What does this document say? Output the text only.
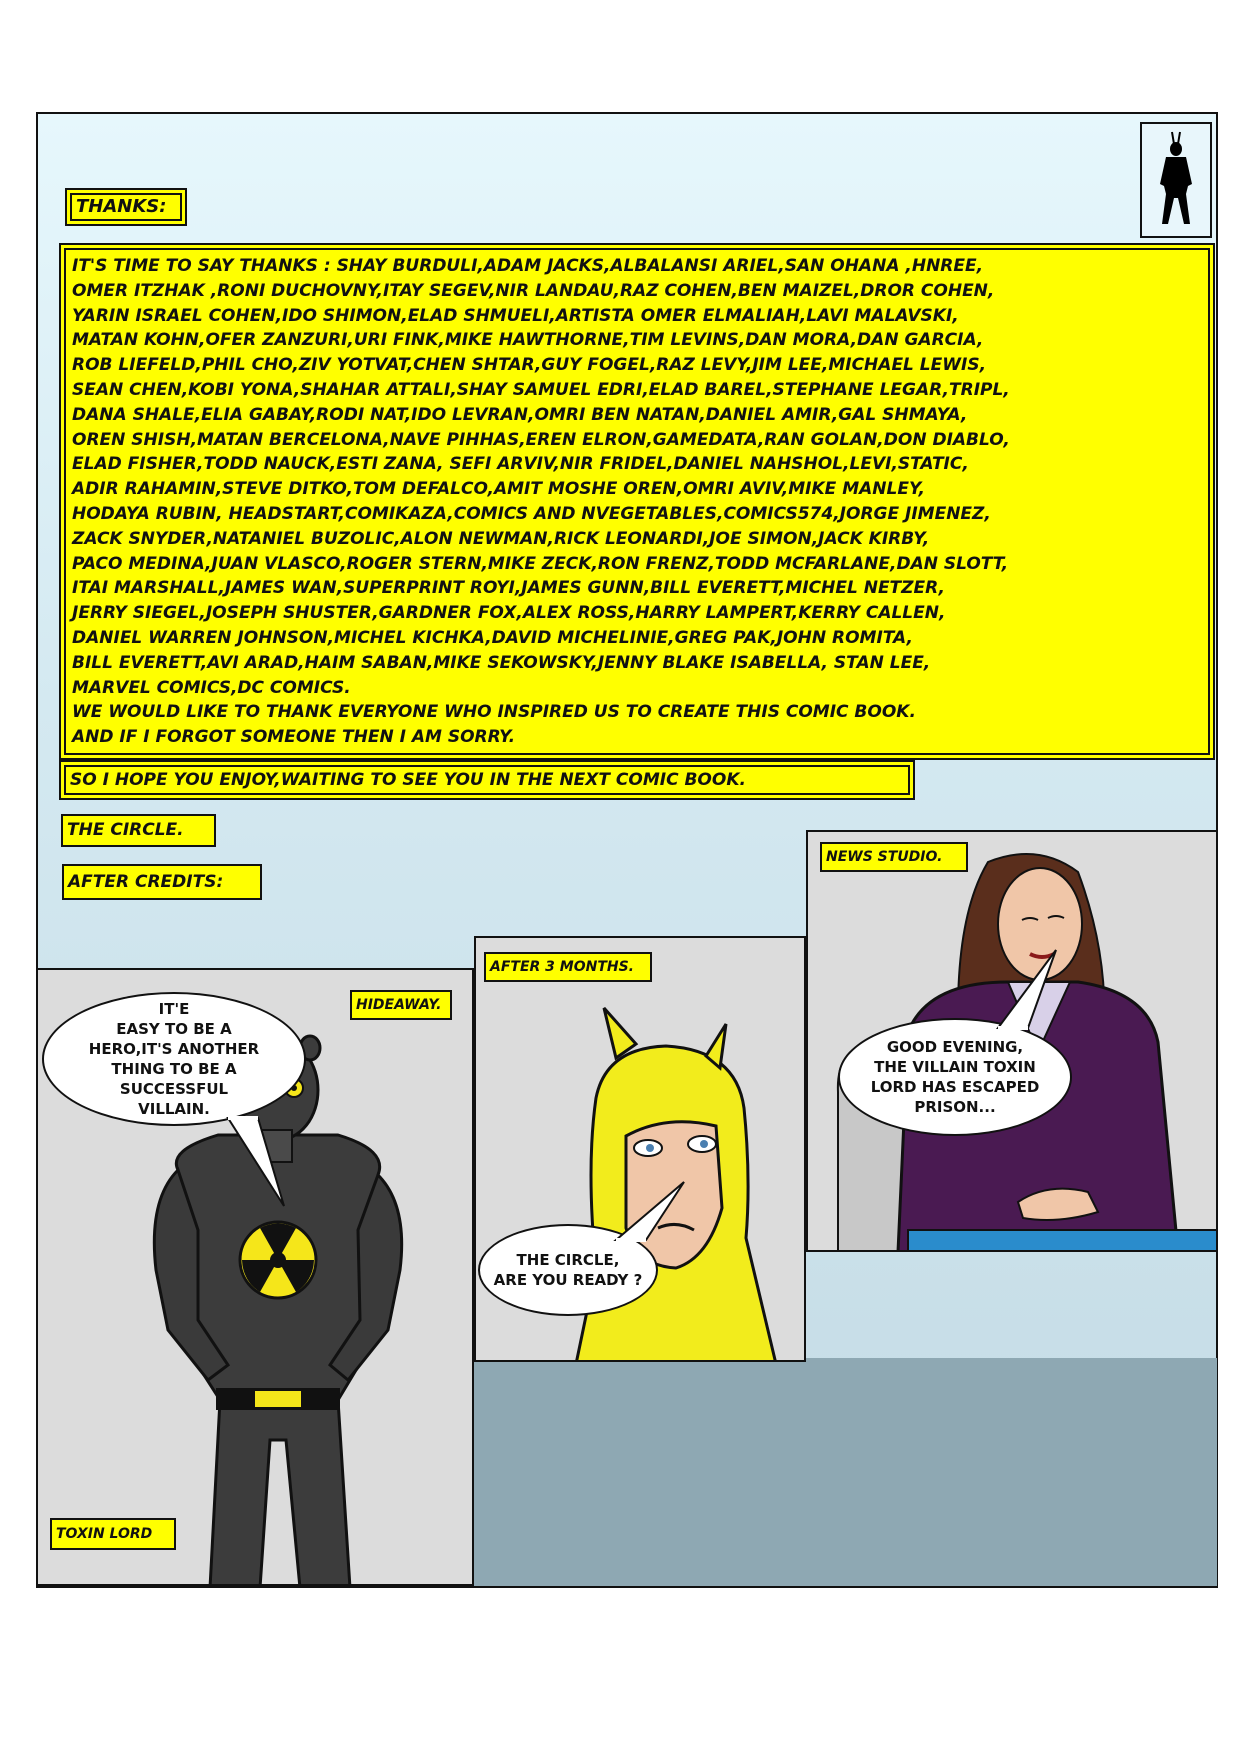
THANKS:
IT'S TIME TO SAY THANKS : SHAY BURDULI,ADAM JACKS,ALBALANSI ARIEL,SAN OHANA ,HNREE,
OMER ITZHAK ,RONI DUCHOVNY,ITAY SEGEV,NIR LANDAU,RAZ COHEN,BEN MAIZEL,DROR COHEN,
YARIN ISRAEL COHEN,IDO SHIMON,ELAD SHMUELI,ARTISTA OMER ELMALIAH,LAVI MALAVSKI,
MATAN KOHN,OFER ZANZURI,URI FINK,MIKE HAWTHORNE,TIM LEVINS,DAN MORA,DAN GARCIA,
ROB LIEFELD,PHIL CHO,ZIV YOTVAT,CHEN SHTAR,GUY FOGEL,RAZ LEVY,JIM LEE,MICHAEL LEWIS,
SEAN CHEN,KOBI YONA,SHAHAR ATTALI,SHAY SAMUEL EDRI,ELAD BAREL,STEPHANE LEGAR,TRIPL,
DANA SHALE,ELIA GABAY,RODI NAT,IDO LEVRAN,OMRI BEN NATAN,DANIEL AMIR,GAL SHMAYA,
OREN SHISH,MATAN BERCELONA,NAVE PIHHAS,EREN ELRON,GAMEDATA,RAN GOLAN,DON DIABLO,
ELAD FISHER,TODD NAUCK,ESTI ZANA, SEFI ARVIV,NIR FRIDEL,DANIEL NAHSHOL,LEVI,STATIC,
ADIR RAHAMIN,STEVE DITKO,TOM DEFALCO,AMIT MOSHE OREN,OMRI AVIV,MIKE MANLEY,
HODAYA RUBIN, HEADSTART,COMIKAZA,COMICS AND NVEGETABLES,COMICS574,JORGE JIMENEZ,
ZACK SNYDER,NATANIEL BUZOLIC,ALON NEWMAN,RICK LEONARDI,JOE SIMON,JACK KIRBY,
PACO MEDINA,JUAN VLASCO,ROGER STERN,MIKE ZECK,RON FRENZ,TODD MCFARLANE,DAN SLOTT,
ITAI MARSHALL,JAMES WAN,SUPERPRINT ROYI,JAMES GUNN,BILL EVERETT,MICHEL NETZER,
JERRY SIEGEL,JOSEPH SHUSTER,GARDNER FOX,ALEX ROSS,HARRY LAMPERT,KERRY CALLEN,
DANIEL WARREN JOHNSON,MICHEL KICHKA,DAVID MICHELINIE,GREG PAK,JOHN ROMITA,
BILL EVERETT,AVI ARAD,HAIM SABAN,MIKE SEKOWSKY,JENNY BLAKE ISABELLA, STAN LEE,
MARVEL COMICS,DC COMICS.
WE WOULD LIKE TO THANK EVERYONE WHO INSPIRED US TO CREATE THIS COMIC BOOK.
AND IF I FORGOT SOMEONE THEN I AM SORRY.
SO I HOPE YOU ENJOY,WAITING TO SEE YOU IN THE NEXT COMIC BOOK.
THE CIRCLE.
AFTER CREDITS:
IT'E
EASY TO BE A
HERO,IT'S ANOTHER
THING TO BE A
SUCCESSFUL
VILLAIN.
HIDEAWAY.
TOXIN LORD
AFTER 3 MONTHS.
THE CIRCLE,
ARE YOU READY ?
NEWS STUDIO.
GOOD EVENING,
THE VILLAIN TOXIN
LORD HAS ESCAPED
PRISON...
